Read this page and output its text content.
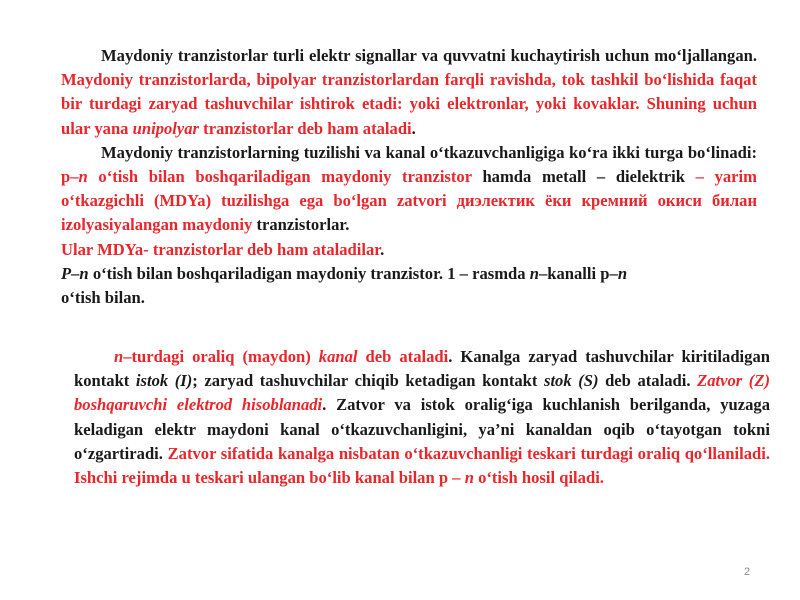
Maydoniy tranzistorlar turli elektr signallar va quvvatni kuchaytirish uchun mo‘ljallangan. Maydoniy tranzistorlarda, bipolyar tranzistorlardan farqli ravishda, tok tashkil bo‘lishida faqat bir turdagi zaryad tashuvchilar ishtirok etadi: yoki elektronlar, yoki kovaklar. Shuning uchun ular yana unipolyar tranzistorlar deb ham ataladi.

Maydoniy tranzistorlarning tuzilishi va kanal o‘tkazuvchanligiga ko‘ra ikki turga bo‘linadi: p–n o‘tish bilan boshqariladigan maydoniy tranzistor hamda metall – dielektrik – yarim o‘tkazgichli (MDYa) tuzilishga ega bo‘lgan zatvori диэлектик ёки кремний окиси билан izolyasiyalangan maydoniy tranzistorlar.
Ular MDYa- tranzistorlar deb ham ataladilar.

P–n o‘tish bilan boshqariladigan maydoniy tranzistor. 1 – rasmda n–kanalli p–n
o‘tish bilan.

n–turdagi oraliq (maydon) kanal deb ataladi. Kanalga zaryad tashuvchilar kiritiladigan kontakt istok (I); zaryad tashuvchilar chiqib ketadigan kontakt stok (S) deb ataladi. Zatvor (Z) boshqaruvchi elektrod hisoblanadi. Zatvor va istok oralig‘iga kuchlanish berilganda, yuzaga keladigan elektr maydoni kanal o‘tkazuvchanligini, ya’ni kanaldan oqib o‘tayotgan tokni o‘zgartiradi. Zatvor sifatida kanalga nisbatan o‘tkazuvchanligi teskari turdagi oraliq qo‘llaniladi. Ishchi rejimda u teskari ulangan bo‘lib kanal bilan p – n o‘tish hosil qiladi.

2
